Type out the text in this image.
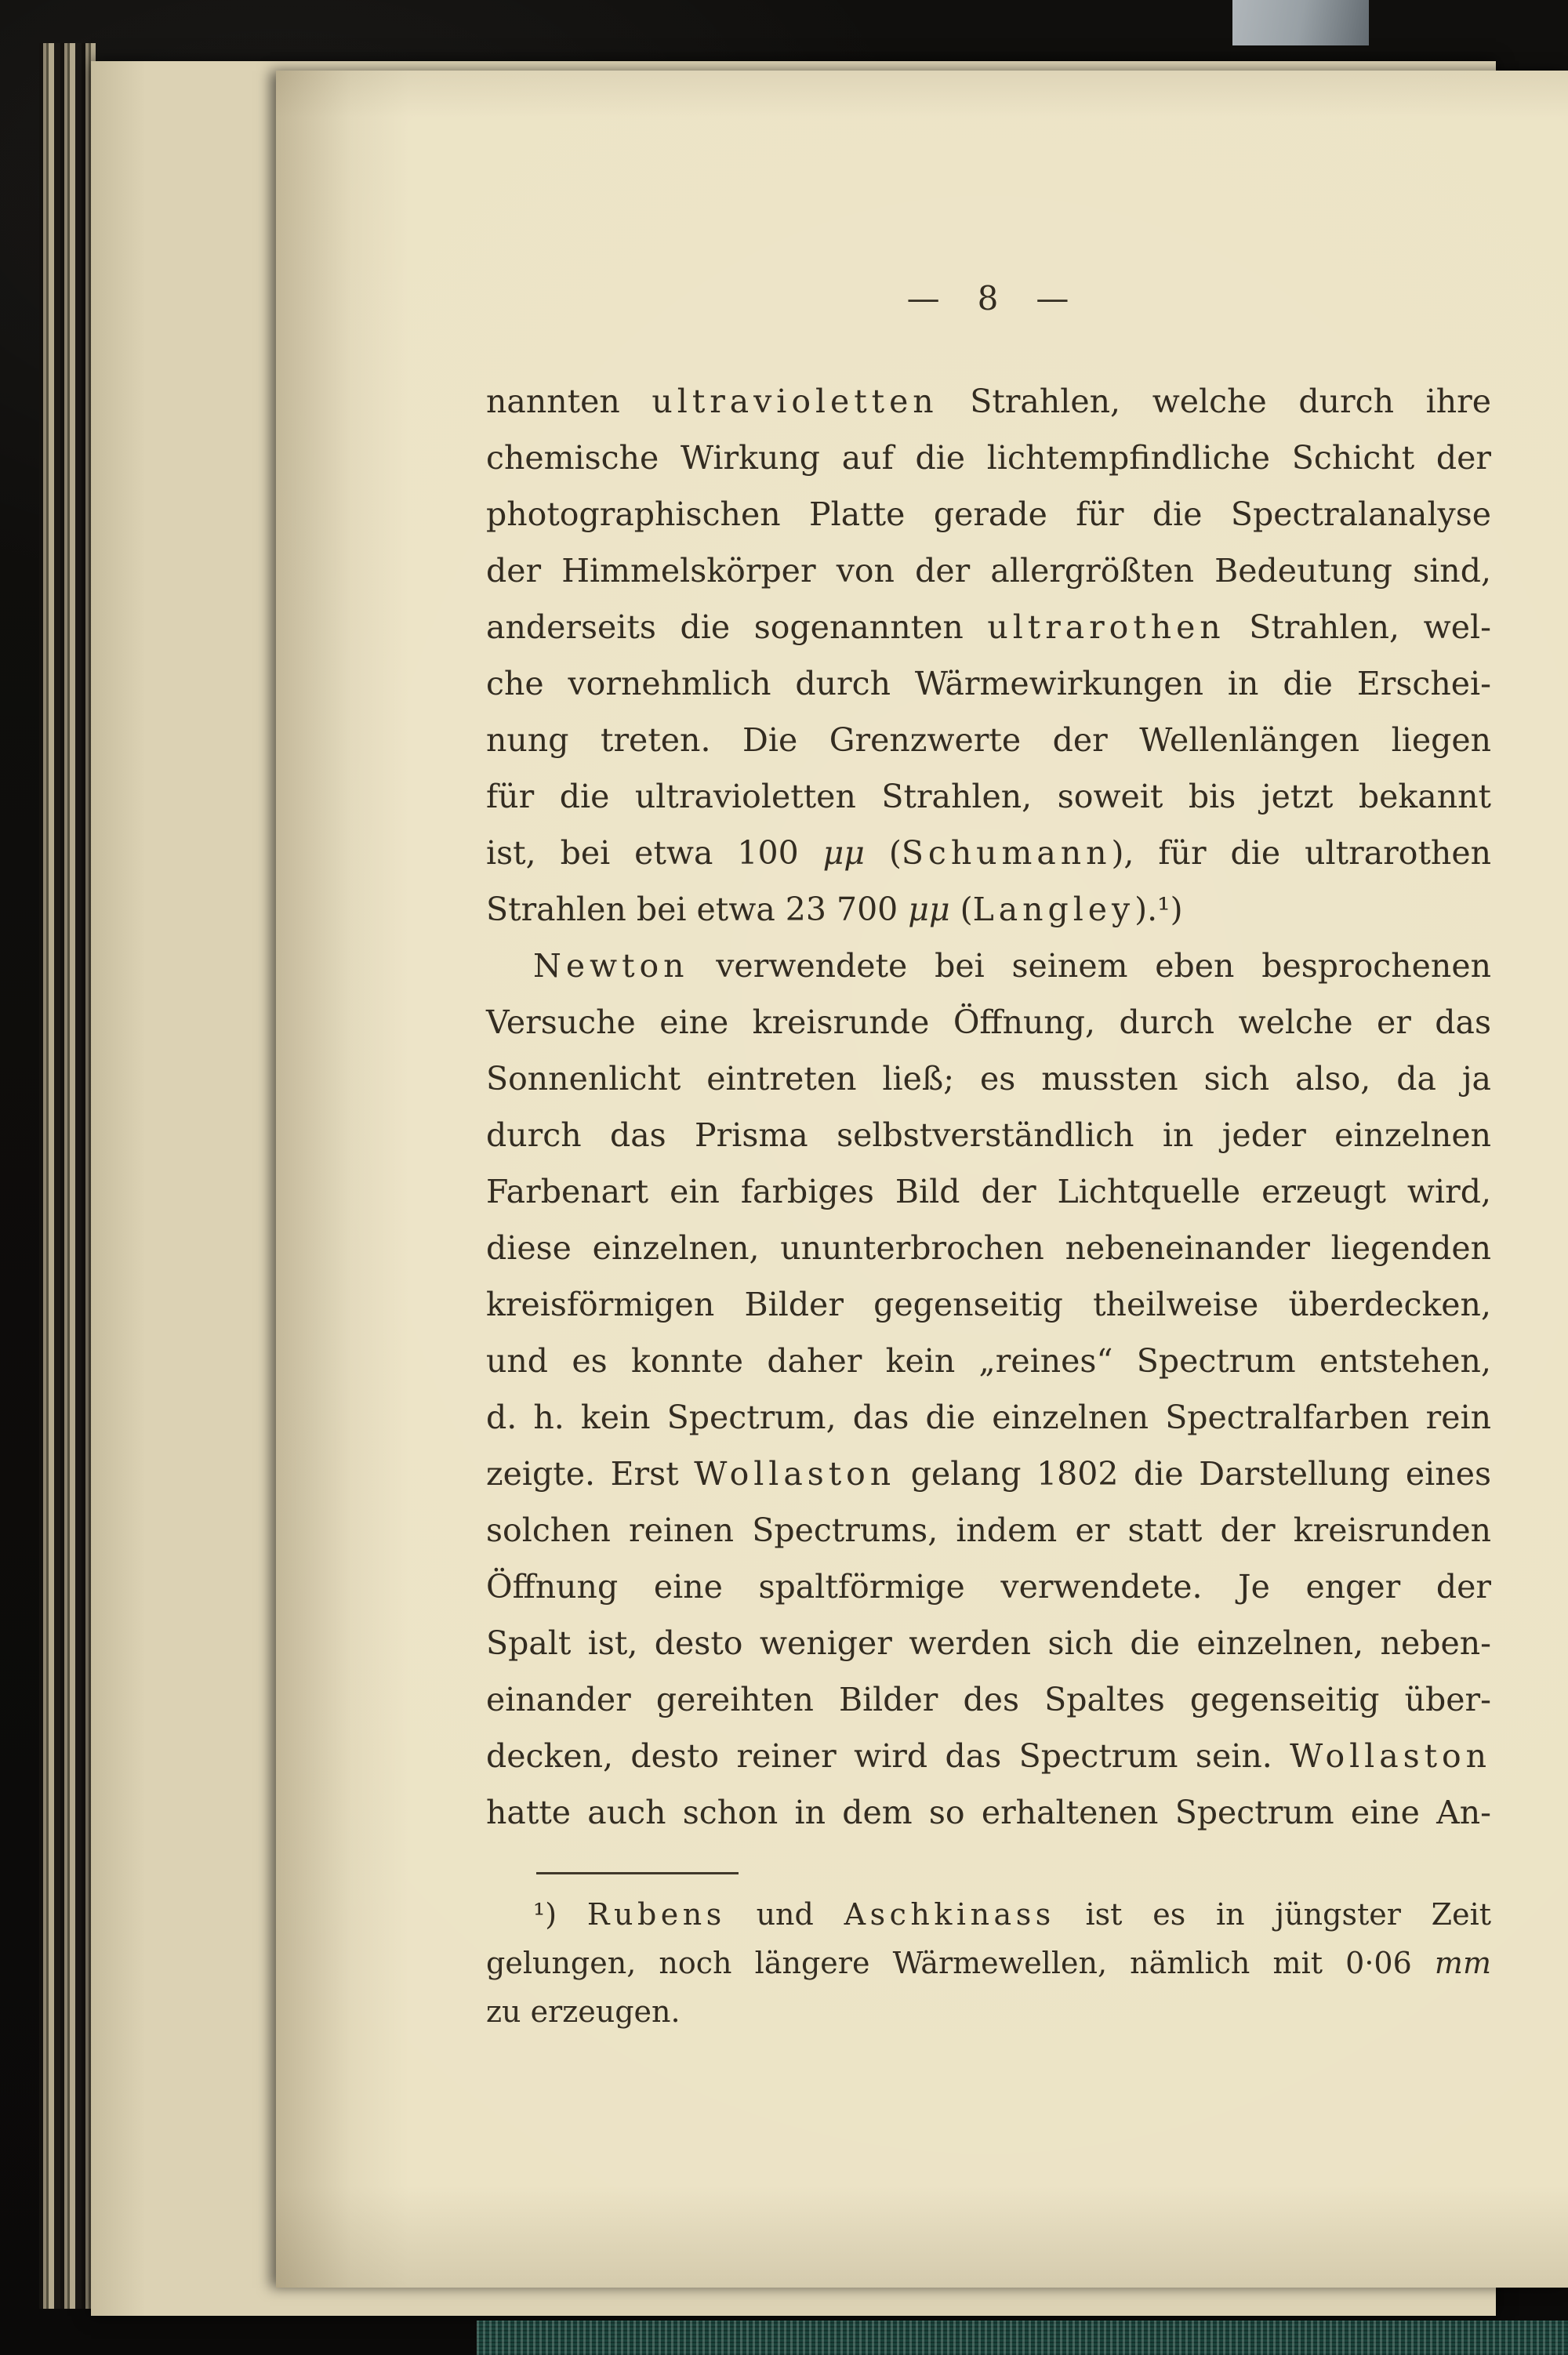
—   8   —
nannten ultravioletten Strahlen, welche durch ihre
chemische Wirkung auf die lichtempfindliche Schicht der
photographischen Platte gerade für die Spectralanalyse
der Himmelskörper von der allergrößten Bedeutung sind,
anderseits die sogenannten ultrarothen Strahlen, wel-
che vornehmlich durch Wärmewirkungen in die Erschei-
nung treten. Die Grenzwerte der Wellenlängen liegen
für die ultravioletten Strahlen, soweit bis jetzt bekannt
ist, bei etwa 100 μμ (Schumann), für die ultrarothen
Strahlen bei etwa 23 700 μμ (Langley).¹)
Newton verwendete bei seinem eben besprochenen
Versuche eine kreisrunde Öffnung, durch welche er das
Sonnenlicht eintreten ließ; es mussten sich also, da ja
durch das Prisma selbstverständlich in jeder einzelnen
Farbenart ein farbiges Bild der Lichtquelle erzeugt wird,
diese einzelnen, ununterbrochen nebeneinander liegenden
kreisförmigen Bilder gegenseitig theilweise überdecken,
und es konnte daher kein „reines“ Spectrum entstehen,
d. h. kein Spectrum, das die einzelnen Spectralfarben rein
zeigte. Erst Wollaston gelang 1802 die Darstellung eines
solchen reinen Spectrums, indem er statt der kreisrunden
Öffnung eine spaltförmige verwendete. Je enger der
Spalt ist, desto weniger werden sich die einzelnen, neben-
einander gereihten Bilder des Spaltes gegenseitig über-
decken, desto reiner wird das Spectrum sein. Wollaston
hatte auch schon in dem so erhaltenen Spectrum eine An-
¹) Rubens und Aschkinass ist es in jüngster Zeit
gelungen, noch längere Wärmewellen, nämlich mit 0·06 mm
zu erzeugen.
